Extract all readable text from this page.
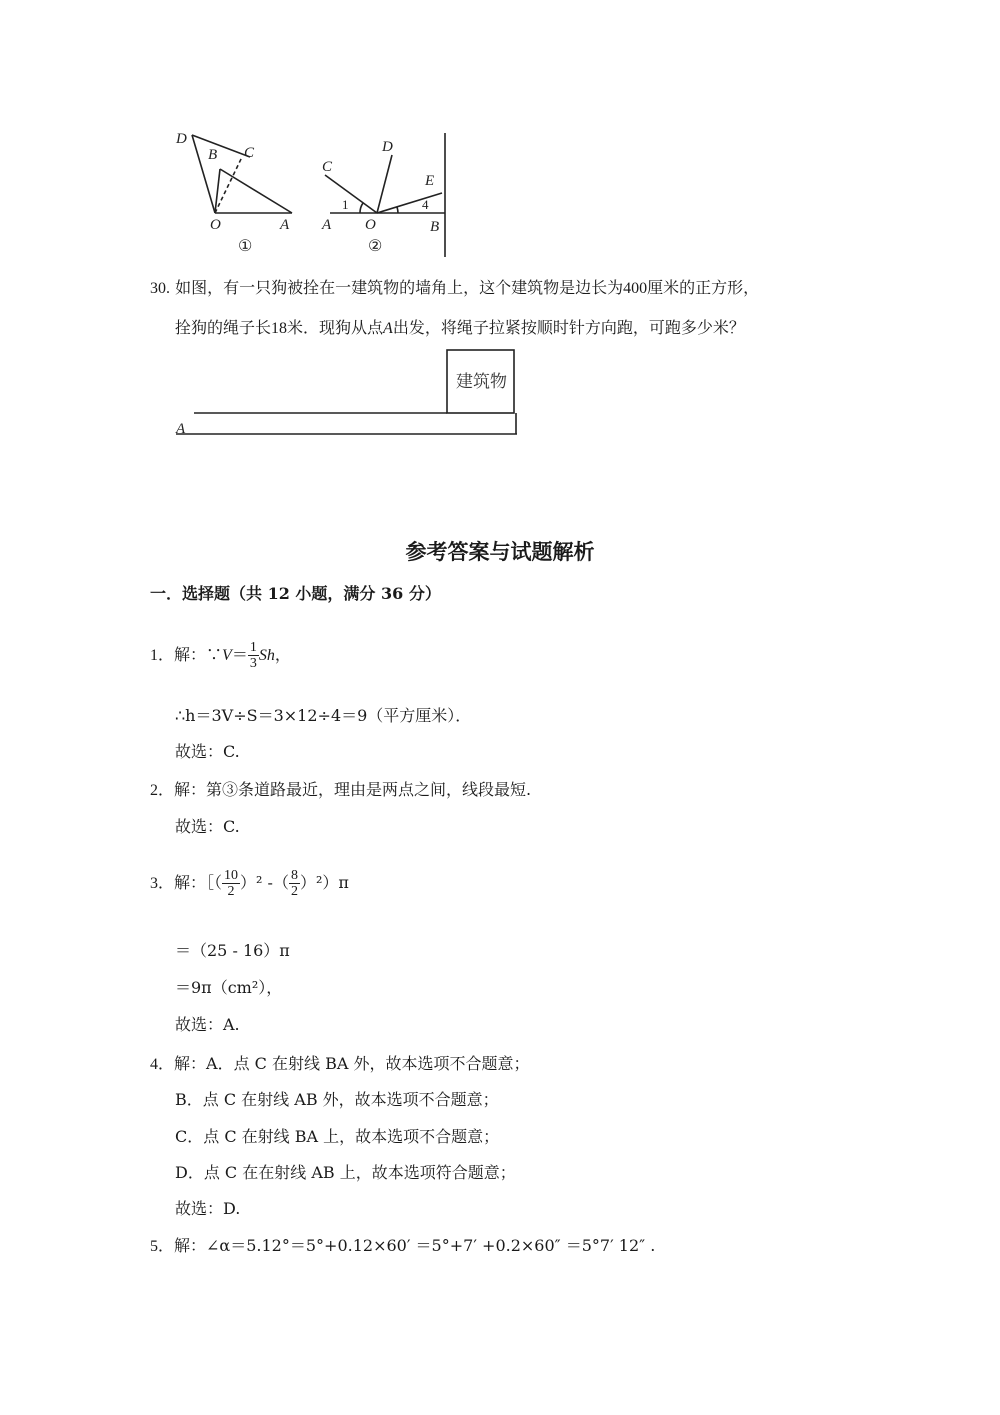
D
B C
O	A
①
C
D
E
A O	B
1	4
②
30. 如图，有一只狗被拴在一建筑物的墙角上，这个建筑物是边长为400厘米的正方形，
拴狗的绳子长18米．现狗从点A出发，将绳子拉紧按顺时针方向跑，可跑多少米？
建筑物
A
参考答案与试题解析
一．选择题（共 12 小题，满分 36 分）
1．解：∵V＝ $\frac{1}{3}$ Sh，
∴h＝3V÷S＝3×12÷4＝9（平方厘米）．
故选：C.
2．解：第③条道路最近，理由是两点之间，线段最短.
故选：C.
3．解：［（ $\frac{10}{2} )^2$ -（ $\frac{8}{2} )^2)\pi$
＝（25 - 16）π
＝9π（cm²），
故选：A.
4．解：A．点 C 在射线 BA 外，故本选项不合题意；
B．点 C 在射线 AB 外，故本选项不合题意；
C．点 C 在射线 BA 上，故本选项不合题意；
D．点 C 在在射线 AB 上，故本选项符合题意；
故选：D.
5．解：∠α＝5.12°＝5°+0.12×60′ ＝5°+7′ +0.2×60″ ＝5°7′ 12″ .
